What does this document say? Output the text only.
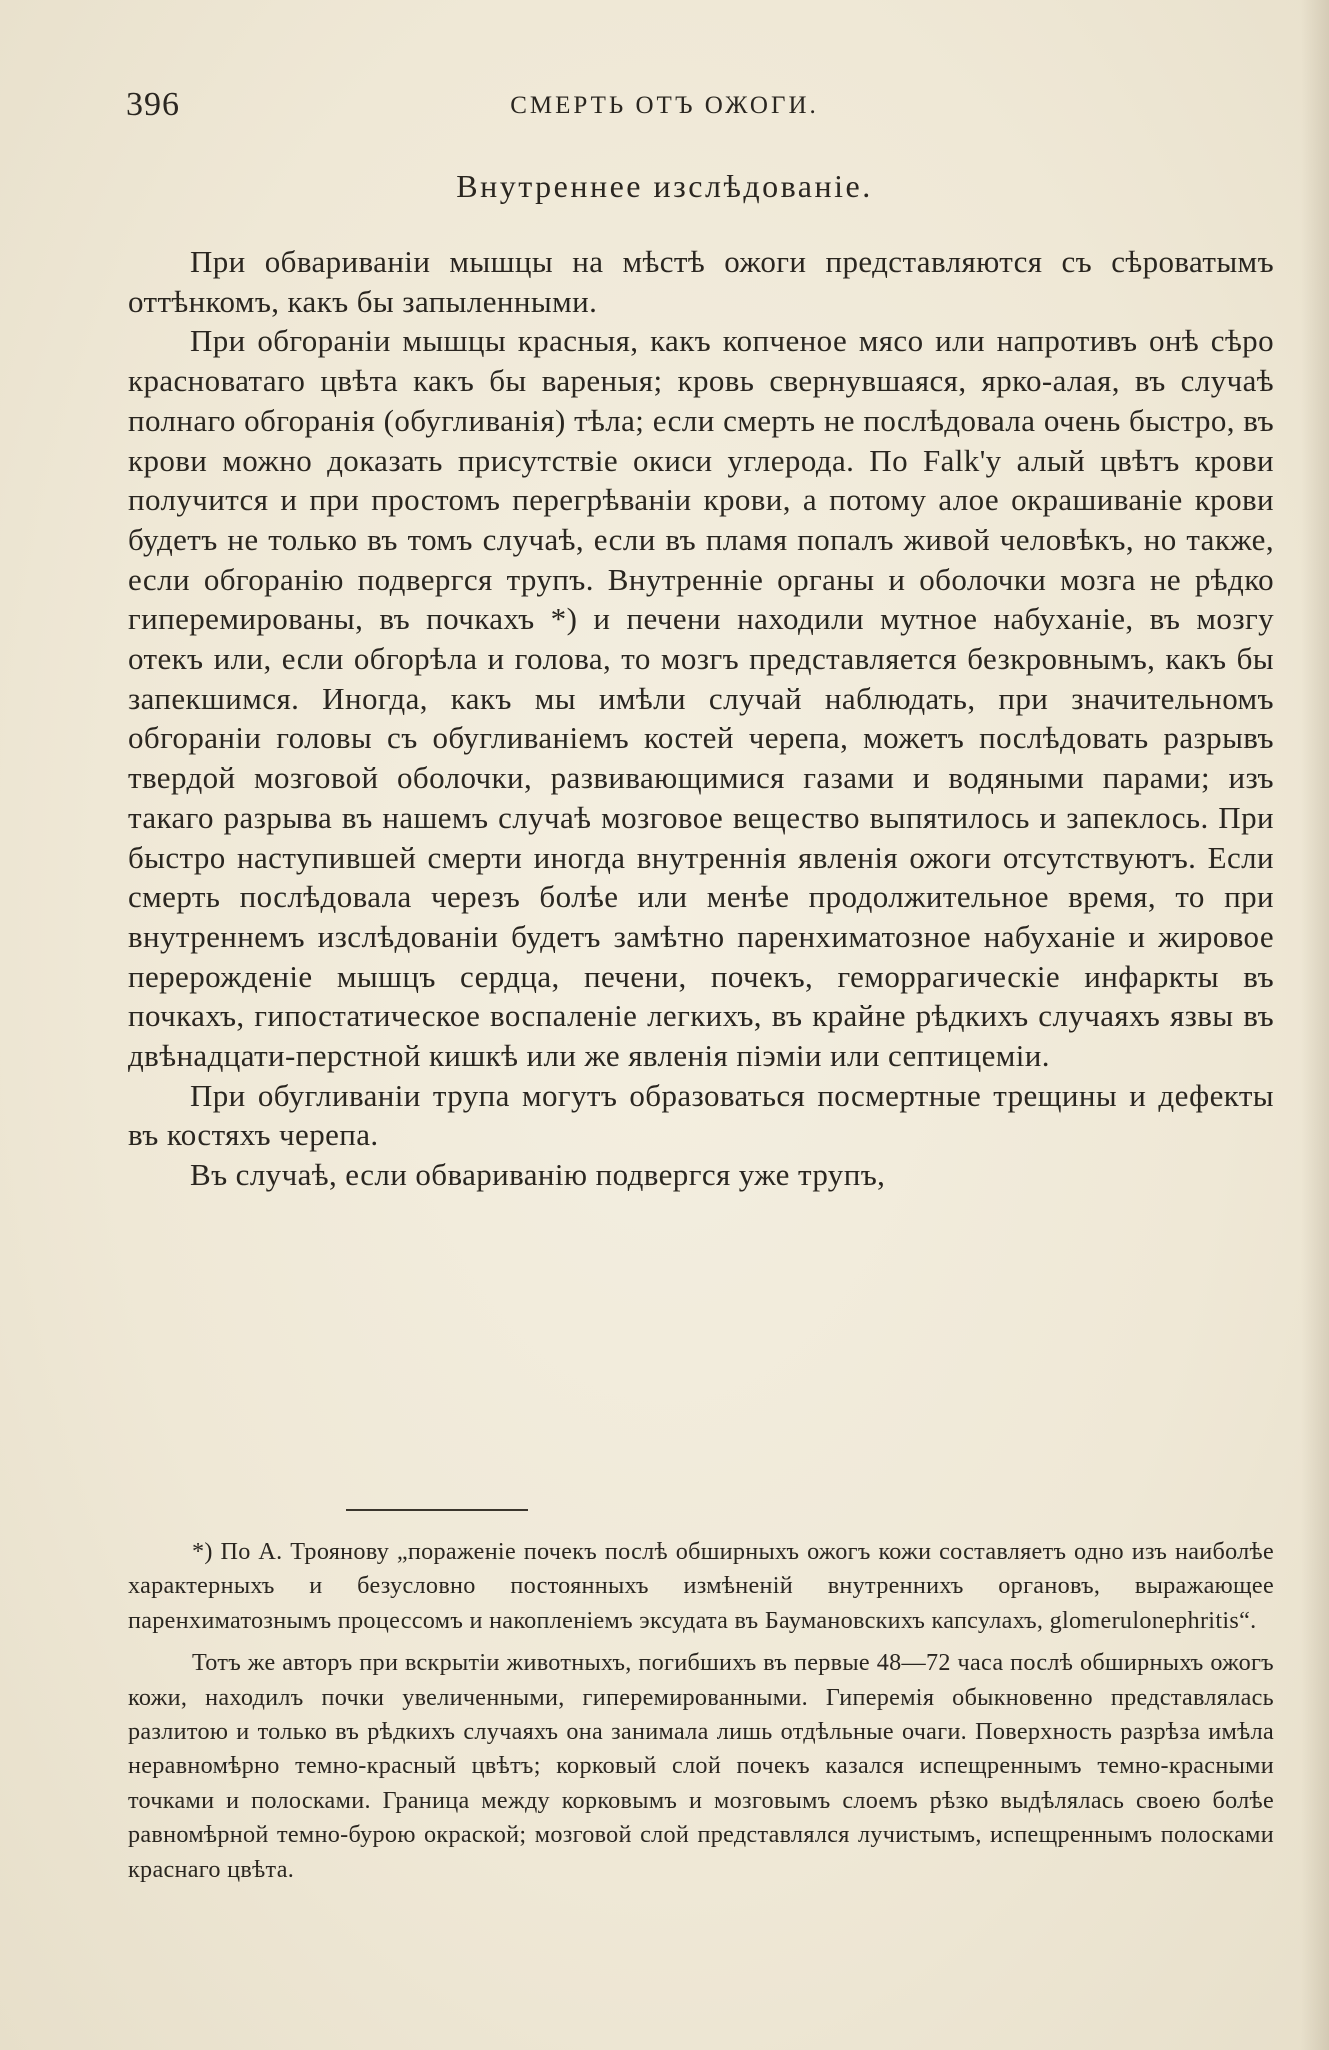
396	СМЕРТЬ ОТЪ ОЖОГИ.
Внутреннее изслѣдованіе.

При обвариваніи мышцы на мѣстѣ ожоги представляются съ сѣроватымъ оттѣнкомъ, какъ бы запыленными.

При обгораніи мышцы красныя, какъ копченое мясо или напротивъ онѣ сѣро красноватаго цвѣта какъ бы вареныя; кровь свернувшаяся, ярко-алая, въ случаѣ полнаго обгоранія (обугливанія) тѣла; если смерть не послѣдовала очень быстро, въ крови можно доказать присутствіе окиси углерода. По Falk'у алый цвѣтъ крови получится и при простомъ перегрѣваніи крови, а потому алое окрашиваніе крови будетъ не только въ томъ случаѣ, если въ пламя попалъ живой человѣкъ, но также, если обгоранію подвергся трупъ. Внутренніе органы и оболочки мозга не рѣдко гиперемированы, въ почкахъ *) и печени находили мутное набуханіе, въ мозгу отекъ или, если обгорѣла и голова, то мозгъ представляется безкровнымъ, какъ бы запекшимся. Иногда, какъ мы имѣли случай наблюдать, при значительномъ обгораніи головы съ обугливаніемъ костей черепа, можетъ послѣдовать разрывъ твердой мозговой оболочки, развивающимися газами и водяными парами; изъ такаго разрыва въ нашемъ случаѣ мозговое вещество выпятилось и запеклось. При быстро наступившей смерти иногда внутреннія явленія ожоги отсутствуютъ. Если смерть послѣдовала черезъ болѣе или менѣе продолжительное время, то при внутреннемъ изслѣдованіи будетъ замѣтно паренхиматозное набуханіе и жировое перерожденіе мышцъ сердца, печени, почекъ, геморрагическіе инфаркты въ почкахъ, гипостатическое воспаленіе легкихъ, въ крайне рѣдкихъ случаяхъ язвы въ двѣнадцати-перстной кишкѣ или же явленія піэміи или септицеміи.

При обугливаніи трупа могутъ образоваться посмертные трещины и дефекты въ костяхъ черепа.

Въ случаѣ, если обвариванію подвергся уже трупъ,

*) По А. Троянову „пораженіе почекъ послѣ обширныхъ ожогъ кожи составляетъ одно изъ наиболѣе характерныхъ и безусловно постоянныхъ измѣненій внутреннихъ органовъ, выражающее паренхиматознымъ процессомъ и накопленіемъ эксудата въ Баумановскихъ капсулахъ, glomerulonephritis“.

Тотъ же авторъ при вскрытіи животныхъ, погибшихъ въ первые 48—72 часа послѣ обширныхъ ожогъ кожи, находилъ почки увеличенными, гиперемированными. Гиперемія обыкновенно представлялась разлитою и только въ рѣдкихъ случаяхъ она занимала лишь отдѣльные очаги. Поверхность разрѣза имѣла неравномѣрно темно-красный цвѣтъ; корковый слой почекъ казался испещреннымъ темно-красными точками и полосками. Граница между корковымъ и мозговымъ слоемъ рѣзко выдѣлялась своею болѣе равномѣрной темно-бурою окраской; мозговой слой представлялся лучистымъ, испещреннымъ полосками краснаго цвѣта.
